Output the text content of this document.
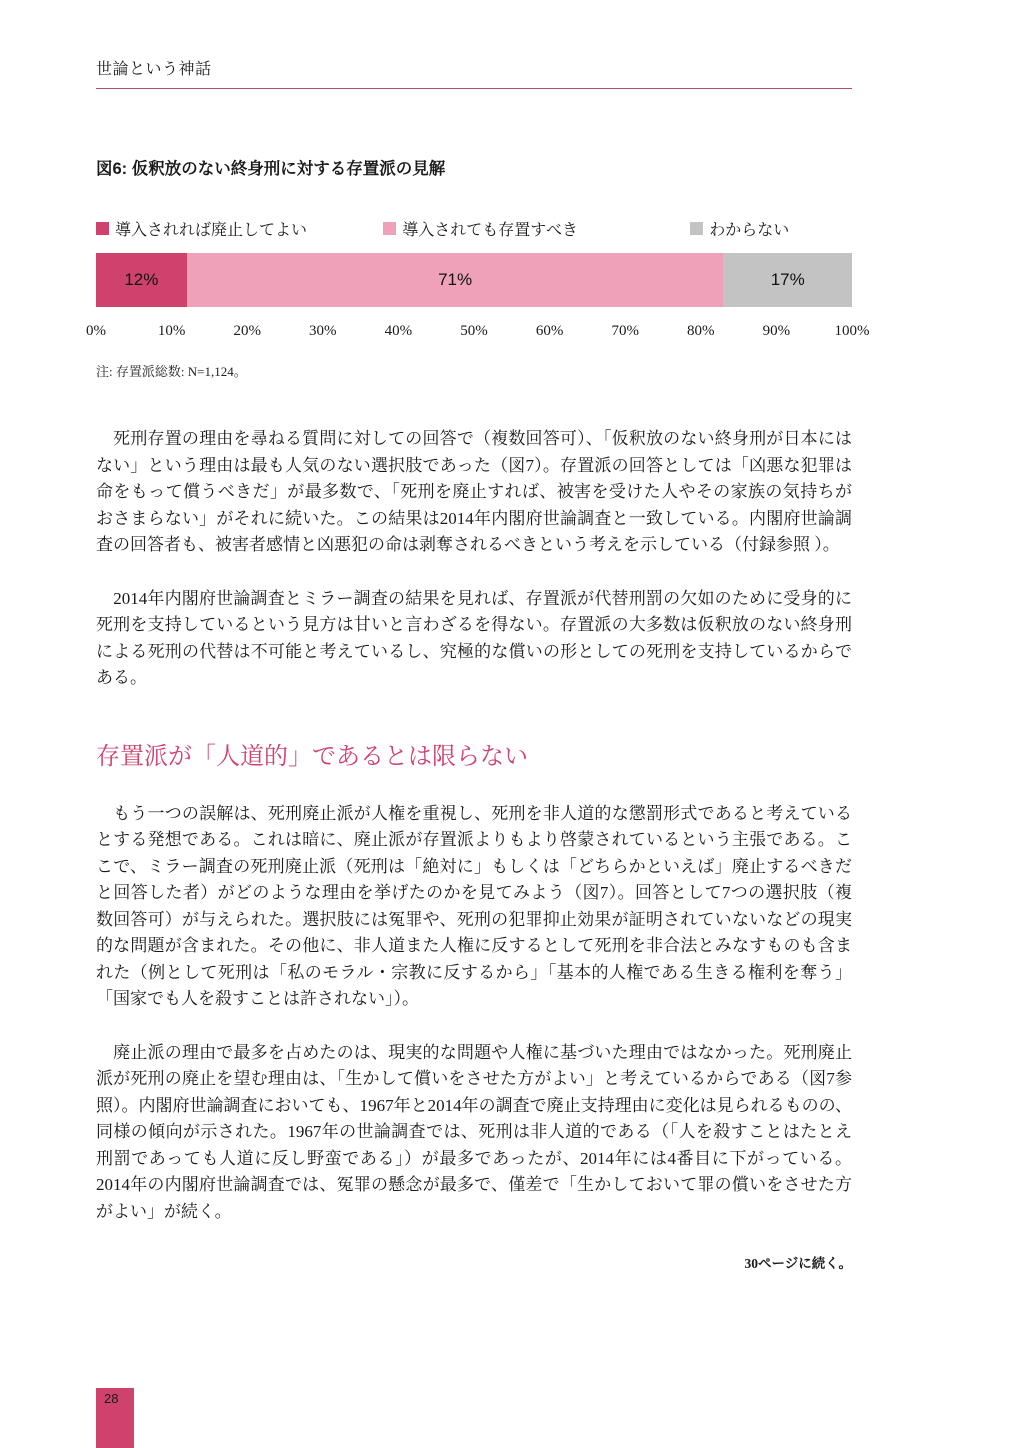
世論という神話
図6: 仮釈放のない終身刑に対する存置派の見解
導入されれば廃止してよい	導入されても存置すべき	わからない
12%	71%	17%
0%	10%	20%	30%	40%	50%	60%	70%	80%	90%	100%
注: 存置派総数: N=1,124。

　死刑存置の理由を尋ねる質問に対しての回答で（複数回答可）、「仮釈放のない終身刑が日本にはない」という理由は最も人気のない選択肢であった（図7）。存置派の回答としては「凶悪な犯罪は命をもって償うべきだ」が最多数で、「死刑を廃止すれば、被害を受けた人やその家族の気持ちがおさまらない」がそれに続いた。この結果は2014年内閣府世論調査と一致している。内閣府世論調査の回答者も、被害者感情と凶悪犯の命は剥奪されるべきという考えを示している（付録参照 ）。

　2014年内閣府世論調査とミラー調査の結果を見れば、存置派が代替刑罰の欠如のために受身的に死刑を支持しているという見方は甘いと言わざるを得ない。存置派の大多数は仮釈放のない終身刑による死刑の代替は不可能と考えているし、究極的な償いの形としての死刑を支持しているからである。

存置派が「人道的」であるとは限らない

　もう一つの誤解は、死刑廃止派が人権を重視し、死刑を非人道的な懲罰形式であると考えているとする発想である。これは暗に、廃止派が存置派よりもより啓蒙されているという主張である。ここで、ミラー調査の死刑廃止派（死刑は「絶対に」もしくは「どちらかといえば」廃止するべきだと回答した者）がどのような理由を挙げたのかを見てみよう（図7）。回答として7つの選択肢（複数回答可）が与えられた。選択肢には冤罪や、死刑の犯罪抑止効果が証明されていないなどの現実的な問題が含まれた。その他に、非人道また人権に反するとして死刑を非合法とみなすものも含まれた（例として死刑は「私のモラル・宗教に反するから」「基本的人権である生きる権利を奪う」「国家でも人を殺すことは許されない」）。

　廃止派の理由で最多を占めたのは、現実的な問題や人権に基づいた理由ではなかった。死刑廃止派が死刑の廃止を望む理由は、「生かして償いをさせた方がよい」と考えているからである（図7参照）。内閣府世論調査においても、1967年と2014年の調査で廃止支持理由に変化は見られるものの、同様の傾向が示された。1967年の世論調査では、死刑は非人道的である（「人を殺すことはたとえ刑罰であっても人道に反し野蛮である」）が最多であったが、2014年には4番目に下がっている。2014年の内閣府世論調査では、冤罪の懸念が最多で、僅差で「生かしておいて罪の償いをさせた方がよい」が続く。

30ページに続く。
28
